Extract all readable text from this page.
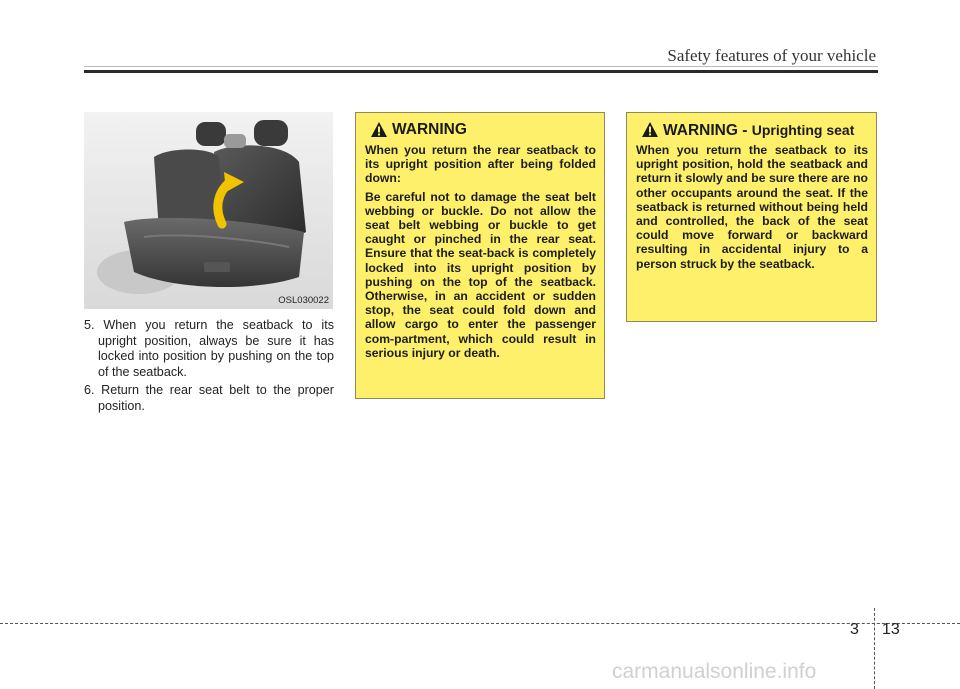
Safety features of your vehicle
OSL030022

5. When you return the seatback to its upright position, always be sure it has locked into position by pushing on the top of the seatback.

6. Return the rear seat belt to the proper position.

WARNING

When you return the rear seatback to its upright position after being folded down:

Be careful not to damage the seat belt webbing or buckle. Do not allow the seat belt webbing or buckle to get caught or pinched in the rear seat. Ensure that the seat-back is completely locked into its upright position by pushing on the top of the seatback. Otherwise, in an accident or sudden stop, the seat could fold down and allow cargo to enter the passenger com-partment, which could result in serious injury or death.

WARNING - Uprighting seat

When you return the seatback to its upright position, hold the seatback and return it slowly and be sure there are no other occupants around the seat. If the seatback is returned without being held and controlled, the back of the seat could move forward or backward resulting in accidental injury to a person struck by the seatback.

3 13
carmanualsonline.info
